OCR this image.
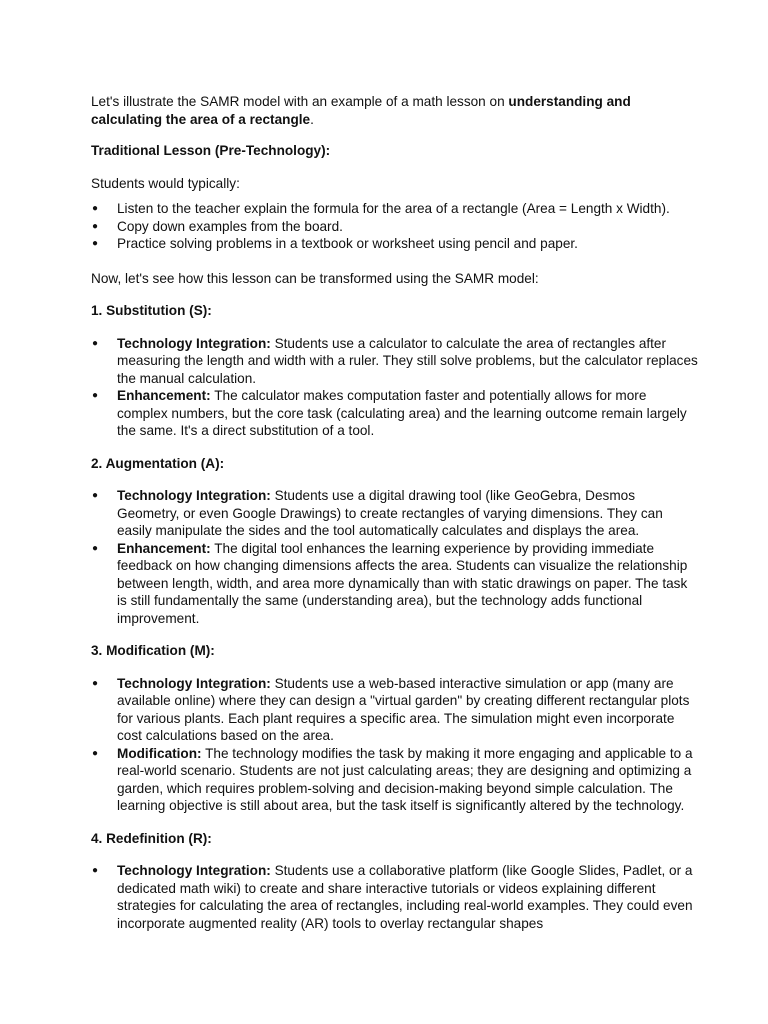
Let's illustrate the SAMR model with an example of a math lesson on understanding and calculating the area of a rectangle.

Traditional Lesson (Pre-Technology):

Students would typically:

● Listen to the teacher explain the formula for the area of a rectangle (Area = Length x Width).
● Copy down examples from the board.
● Practice solving problems in a textbook or worksheet using pencil and paper.

Now, let's see how this lesson can be transformed using the SAMR model:

1. Substitution (S):

● Technology Integration: Students use a calculator to calculate the area of rectangles after measuring the length and width with a ruler. They still solve problems, but the calculator replaces the manual calculation.
● Enhancement: The calculator makes computation faster and potentially allows for more complex numbers, but the core task (calculating area) and the learning outcome remain largely the same. It's a direct substitution of a tool.

2. Augmentation (A):

● Technology Integration: Students use a digital drawing tool (like GeoGebra, Desmos Geometry, or even Google Drawings) to create rectangles of varying dimensions. They can easily manipulate the sides and the tool automatically calculates and displays the area.
● Enhancement: The digital tool enhances the learning experience by providing immediate feedback on how changing dimensions affects the area. Students can visualize the relationship between length, width, and area more dynamically than with static drawings on paper. The task is still fundamentally the same (understanding area), but the technology adds functional improvement.

3. Modification (M):

● Technology Integration: Students use a web-based interactive simulation or app (many are available online) where they can design a "virtual garden" by creating different rectangular plots for various plants. Each plant requires a specific area. The simulation might even incorporate cost calculations based on the area.
● Modification: The technology modifies the task by making it more engaging and applicable to a real-world scenario. Students are not just calculating areas; they are designing and optimizing a garden, which requires problem-solving and decision-making beyond simple calculation. The learning objective is still about area, but the task itself is significantly altered by the technology.

4. Redefinition (R):

● Technology Integration: Students use a collaborative platform (like Google Slides, Padlet, or a dedicated math wiki) to create and share interactive tutorials or videos explaining different strategies for calculating the area of rectangles, including real-world examples. They could even incorporate augmented reality (AR) tools to overlay rectangular shapes
